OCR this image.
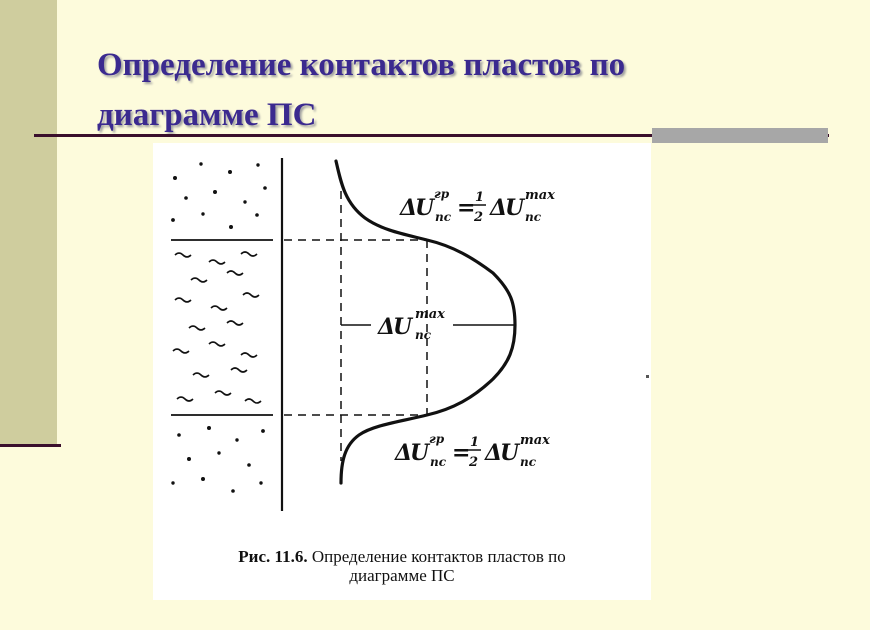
Определение контактов пластов по
диаграмме ПС
Δ
U
гр
пс = 1
2 Δ
U max
пс
Δ
U max
пс
Δ
U
гр
пс = 1
2 Δ
U max
пс
Рис. 11.6. Определение контактов пластов по
диаграмме ПС
